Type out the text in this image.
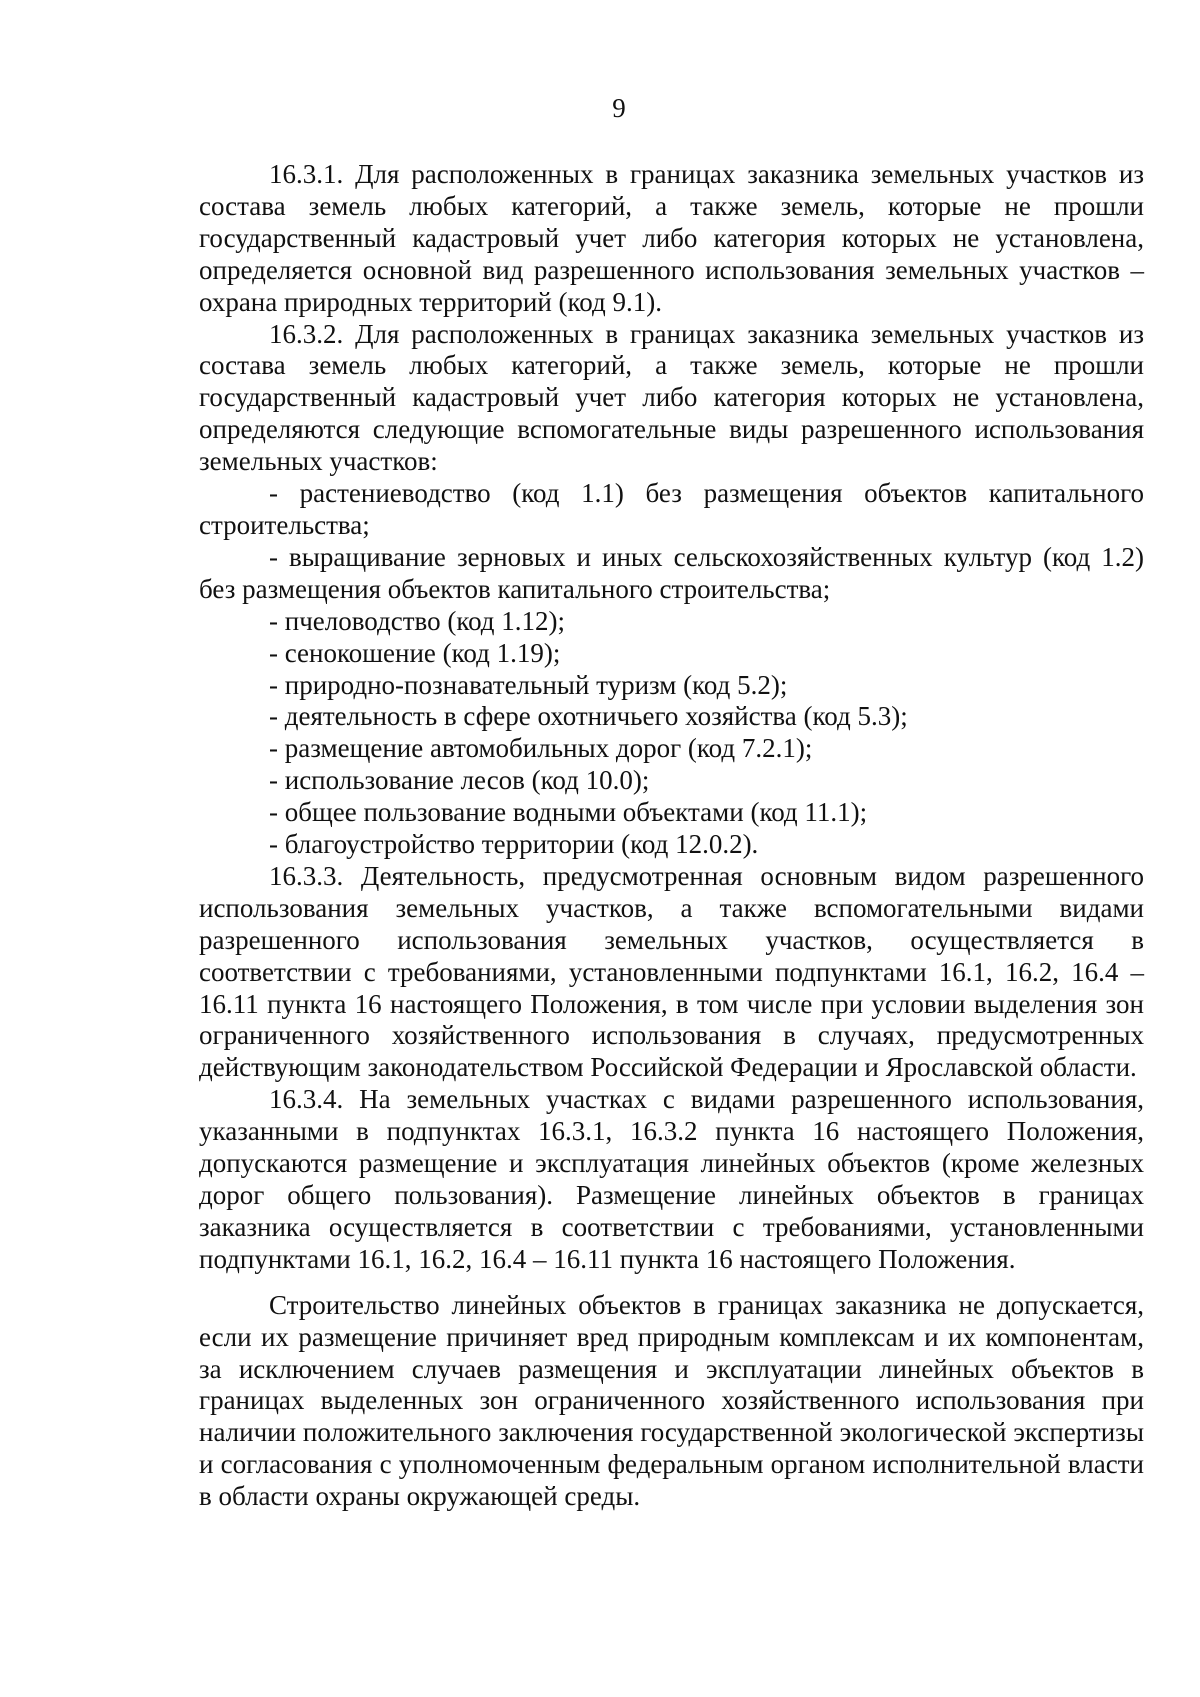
9

16.3.1. Для расположенных в границах заказника земельных участков из состава земель любых категорий, а также земель, которые не прошли государственный кадастровый учет либо категория которых не установлена, определяется основной вид разрешенного использования земельных участков – охрана природных территорий (код 9.1).

16.3.2. Для расположенных в границах заказника земельных участков из состава земель любых категорий, а также земель, которые не прошли государственный кадастровый учет либо категория которых не установлена, определяются следующие вспомогательные виды разрешенного использования земельных участков:

- растениеводство (код 1.1) без размещения объектов капитального строительства;

- выращивание зерновых и иных сельскохозяйственных культур (код 1.2) без размещения объектов капитального строительства;

- пчеловодство (код 1.12);

- сенокошение (код 1.19);

- природно-познавательный туризм (код 5.2);

- деятельность в сфере охотничьего хозяйства (код 5.3);

- размещение автомобильных дорог (код 7.2.1);

- использование лесов (код 10.0);

- общее пользование водными объектами (код 11.1);

- благоустройство территории (код 12.0.2).

16.3.3. Деятельность, предусмотренная основным видом разрешенного использования земельных участков, а также вспомогательными видами разрешенного использования земельных участков, осуществляется в соответствии с требованиями, установленными подпунктами 16.1, 16.2, 16.4 – 16.11 пункта 16 настоящего Положения, в том числе при условии выделения зон ограниченного хозяйственного использования в случаях, предусмотренных действующим законодательством Российской Федерации и Ярославской области.

16.3.4. На земельных участках с видами разрешенного использования, указанными в подпунктах 16.3.1, 16.3.2 пункта 16 настоящего Положения, допускаются размещение и эксплуатация линейных объектов (кроме железных дорог общего пользования). Размещение линейных объектов в границах заказника осуществляется в соответствии с требованиями, установленными подпунктами 16.1, 16.2, 16.4 – 16.11 пункта 16 настоящего Положения.

Строительство линейных объектов в границах заказника не допускается, если их размещение причиняет вред природным комплексам и их компонентам, за исключением случаев размещения и эксплуатации линейных объектов в границах выделенных зон ограниченного хозяйственного использования при наличии положительного заключения государственной экологической экспертизы и согласования с уполномоченным федеральным органом исполнительной власти в области охраны окружающей среды.
